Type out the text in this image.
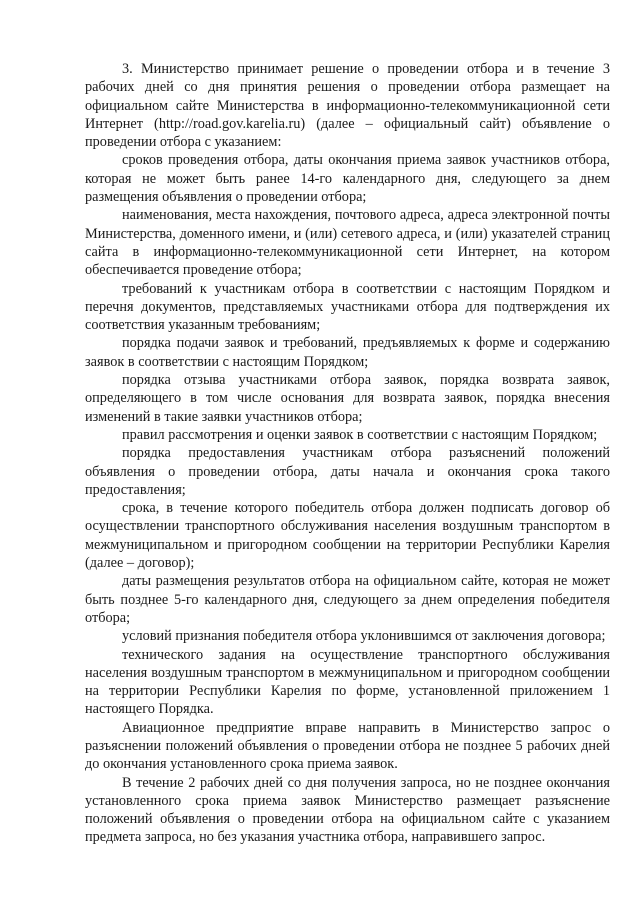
3. Министерство принимает решение о проведении отбора и в течение 3 рабочих дней со дня принятия решения о проведении отбора размещает на официальном сайте Министерства в информационно-телекоммуникационной сети Интернет (http://road.gov.karelia.ru) (далее – официальный сайт) объявление о проведении отбора с указанием:

сроков проведения отбора, даты окончания приема заявок участников отбора, которая не может быть ранее 14-го календарного дня, следующего за днем размещения объявления о проведении отбора;

наименования, места нахождения, почтового адреса, адреса электронной почты Министерства, доменного имени, и (или) сетевого адреса, и (или) указателей страниц сайта в информационно-телекоммуникационной сети Интернет, на котором обеспечивается проведение отбора;

требований к участникам отбора в соответствии с настоящим Порядком и перечня документов, представляемых участниками отбора для подтверждения их соответствия указанным требованиям;

порядка подачи заявок и требований, предъявляемых к форме и содержанию заявок в соответствии с настоящим Порядком;

порядка отзыва участниками отбора заявок, порядка возврата заявок, определяющего в том числе основания для возврата заявок, порядка внесения изменений в такие заявки участников отбора;

правил рассмотрения и оценки заявок в соответствии с настоящим Порядком;

порядка предоставления участникам отбора разъяснений положений объявления о проведении отбора, даты начала и окончания срока такого предоставления;

срока, в течение которого победитель отбора должен подписать договор об осуществлении транспортного обслуживания населения воздушным транспортом в межмуниципальном и пригородном сообщении на территории Республики Карелия (далее – договор);

даты размещения результатов отбора на официальном сайте, которая не может быть позднее 5-го календарного дня, следующего за днем определения победителя отбора;

условий признания победителя отбора уклонившимся от заключения договора;

технического задания на осуществление транспортного обслуживания населения воздушным транспортом в межмуниципальном и пригородном сообщении на территории Республики Карелия по форме, установленной приложением 1 настоящего Порядка.

Авиационное предприятие вправе направить в Министерство запрос о разъяснении положений объявления о проведении отбора не позднее 5 рабочих дней до окончания установленного срока приема заявок.

В течение 2 рабочих дней со дня получения запроса, но не позднее окончания установленного срока приема заявок Министерство размещает разъяснение положений объявления о проведении отбора на официальном сайте с указанием предмета запроса, но без указания участника отбора, направившего запрос.
